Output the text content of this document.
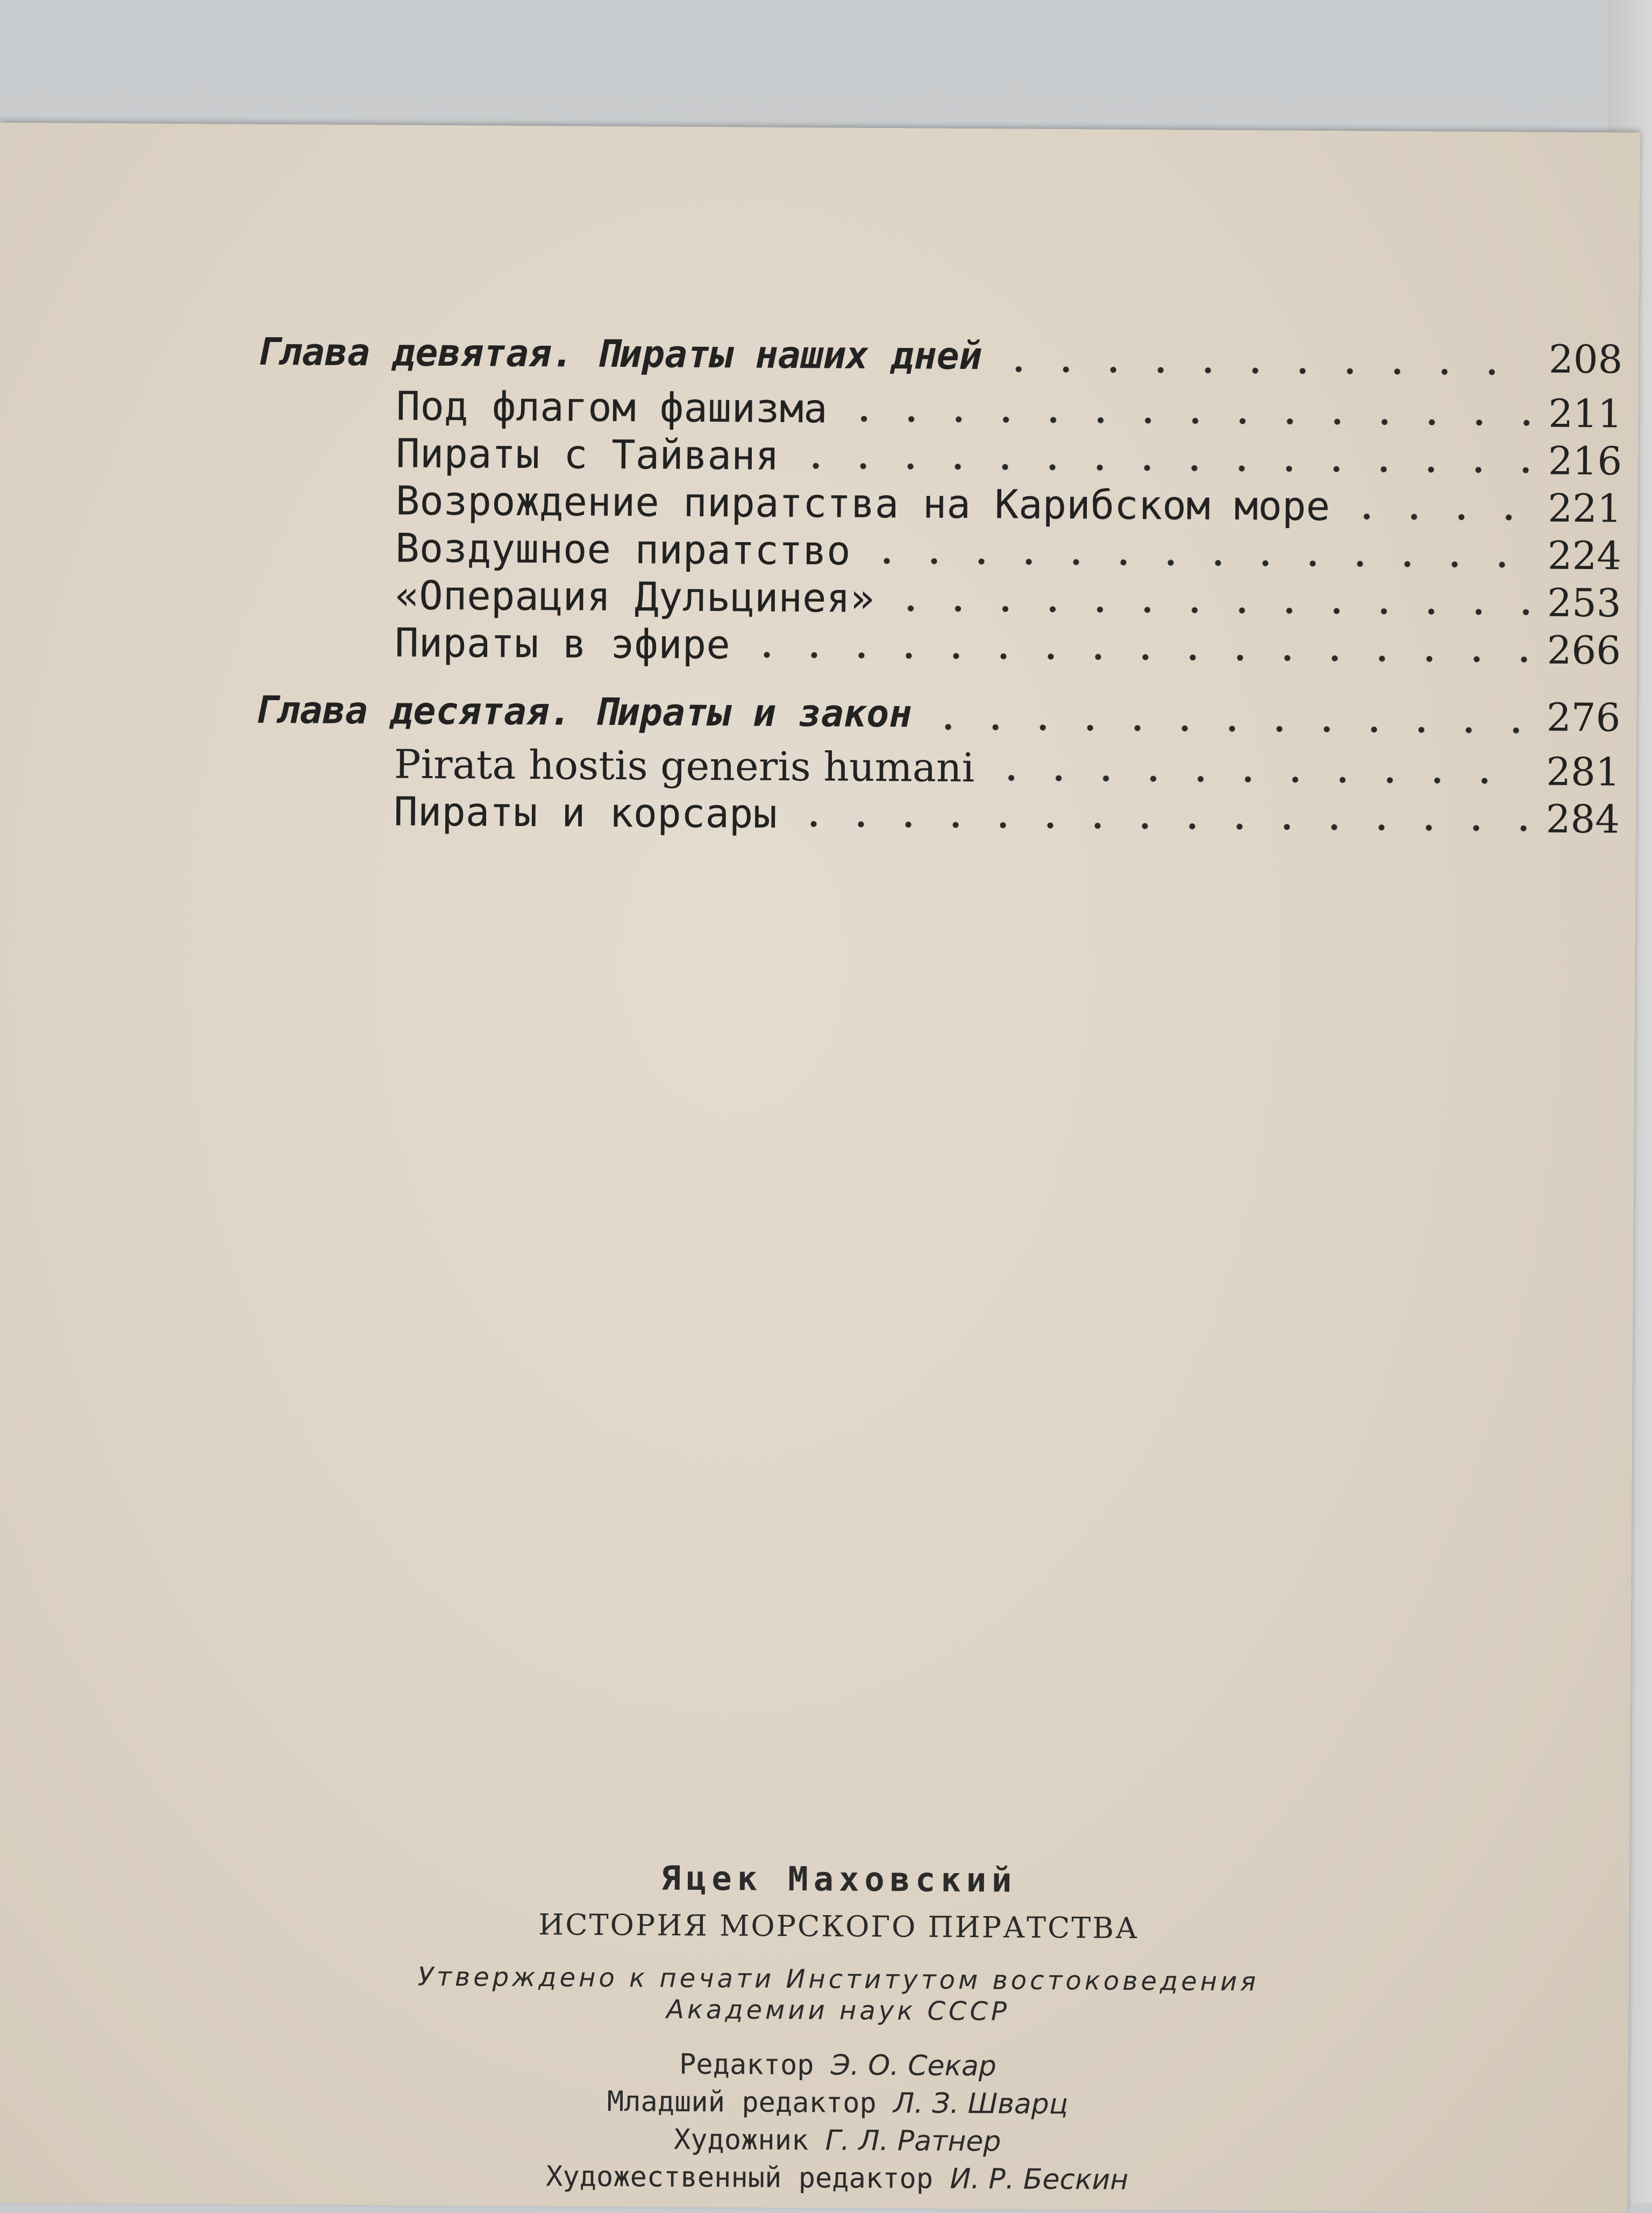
Глава девятая. Пираты наших дней	208
Под флагом фашизма	211
Пираты с Тайваня	216
Возрождение пиратства на Карибском море	221
Воздушное пиратство	224
«Операция Дульцинея»	253
Пираты в эфире	266
Глава десятая. Пираты и закон	276
Pirata hostis generis humani	281
Пираты и корсары	284
Яцек Маховский
ИСТОРИЯ МОРСКОГО ПИРАТСТВА
Утверждено к печати Институтом востоковедения
Академии наук СССР
Редактор Э. О. Секар
Младший редактор Л. З. Шварц
Художник Г. Л. Ратнер
Художественный редактор И. Р. Бескин
